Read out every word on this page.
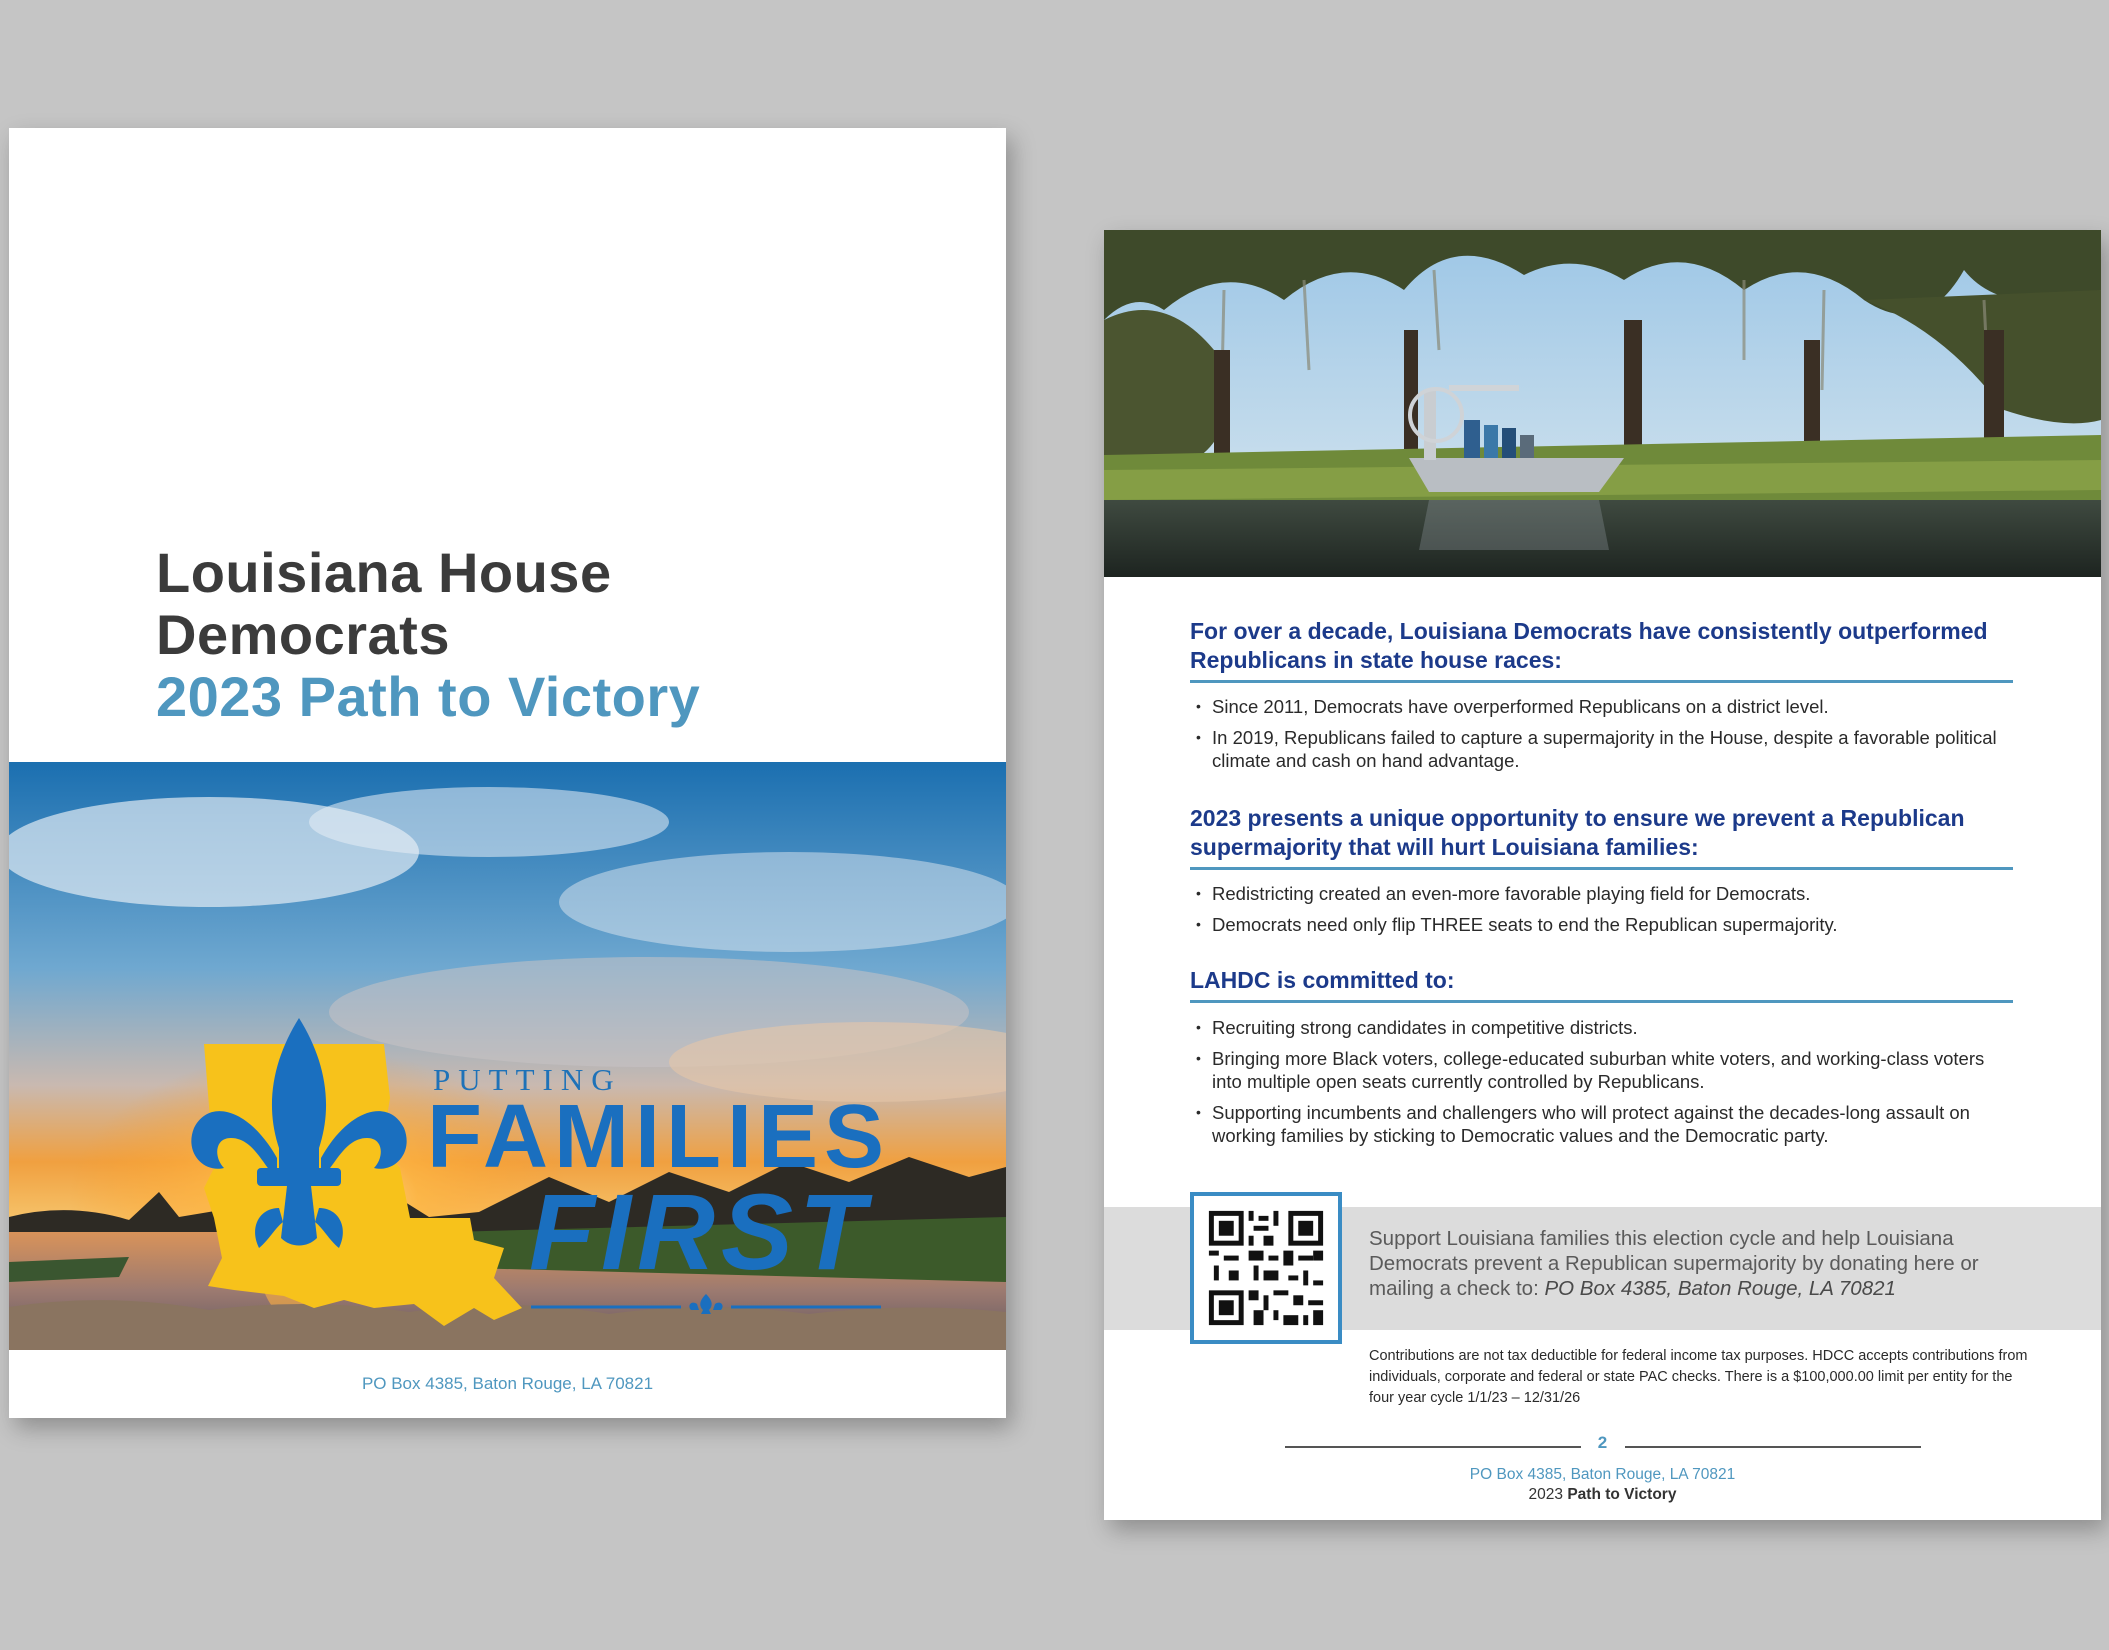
Louisiana House
Democrats
2023 Path to Victory
PUTTING
FAMILIES
FIRST
PO Box 4385, Baton Rouge, LA 70821
For over a decade, Louisiana Democrats have consistently outperformed Republicans in state house races:
• Since 2011, Democrats have overperformed Republicans on a district level.
• In 2019, Republicans failed to capture a supermajority in the House, despite a favorable political climate and cash on hand advantage.
2023 presents a unique opportunity to ensure we prevent a Republican supermajority that will hurt Louisiana families:
• Redistricting created an even-more favorable playing field for Democrats.
• Democrats need only flip THREE seats to end the Republican supermajority.
LAHDC is committed to:
• Recruiting strong candidates in competitive districts.
• Bringing more Black voters, college-educated suburban white voters, and working-class voters into multiple open seats currently controlled by Republicans.
• Supporting incumbents and challengers who will protect against the decades-long assault on working families by sticking to Democratic values and the Democratic party.
Support Louisiana families this election cycle and help Louisiana Democrats prevent a Republican supermajority by donating here or mailing a check to: PO Box 4385, Baton Rouge, LA 70821
Contributions are not tax deductible for federal income tax purposes. HDCC accepts contributions from individuals, corporate and federal or state PAC checks. There is a $100,000.00 limit per entity for the four year cycle 1/1/23 – 12/31/26
2
PO Box 4385, Baton Rouge, LA 70821
2023 Path to Victory
